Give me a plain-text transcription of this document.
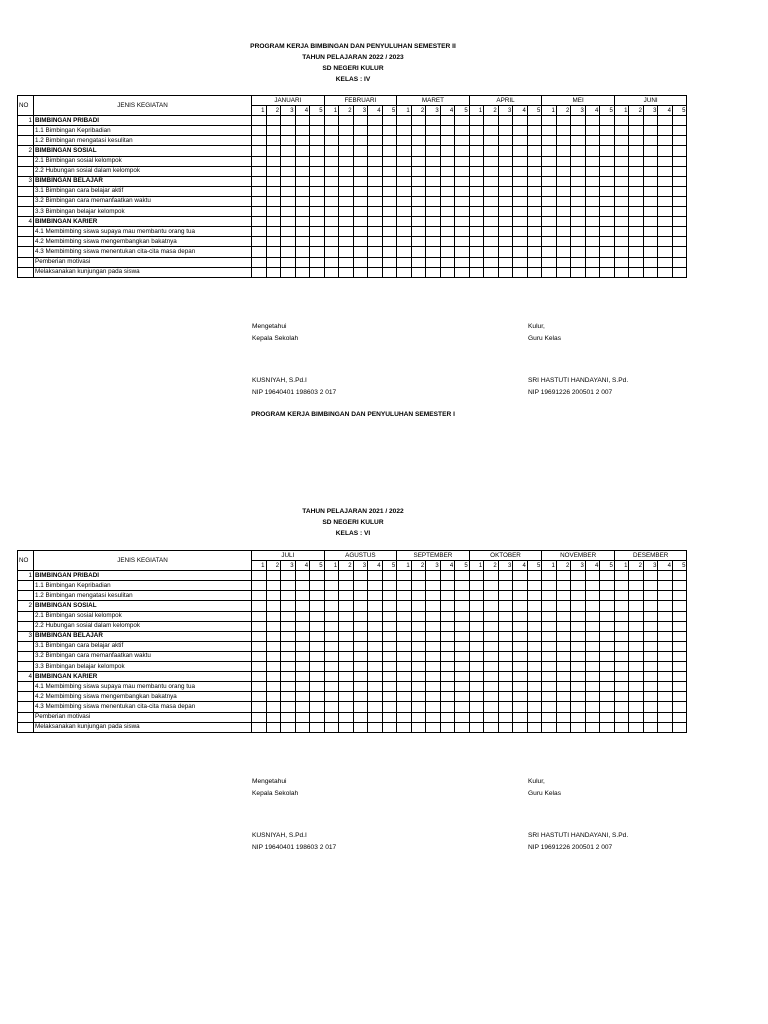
PROGRAM KERJA BIMBINGAN DAN PENYULUHAN SEMESTER II
TAHUN PELAJARAN 2022 / 2023
SD NEGERI KULUR
KELAS : IV
NO	JENIS KEGIATAN	JANUARI					FEBRUARI					MARET					APRIL					MEI					JUNI				
		1	2	3	4	5	1	2	3	4	5	1	2	3	4	5	1	2	3	4	5	1	2	3	4	5	1	2	3	4	5
1	BIMBINGAN PRIBADI																														
	1.1 Bimbingan Kepribadian																														
	1.2 Bimbingan mengatasi kesulitan																														
2	BIMBINGAN SOSIAL																														
	2.1 Bimbingan sosial kelompok																														
	2.2 Hubungan sosial dalam kelompok																														
3	BIMBINGAN BELAJAR																														
	3.1 Bimbingan cara belajar aktif																														
	3.2 Bimbingan cara memanfaatkan waktu																														
	3.3 Bimbingan belajar kelompok																														
4	BIMBINGAN KARIER																														
	4.1 Membimbing siswa supaya mau membantu orang tua																														
	4.2 Membimbing siswa mengembangkan bakatnya																														
	4.3 Membimbing siswa menentukan cita-cita masa depan																														
	Pemberian motivasi																														
	Melaksanakan kunjungan pada siswa																														
Mengetahui
Kepala Sekolah
KUSNIYAH, S.Pd.I
NIP 19640401 198603 2 017
Kulur,
Guru Kelas
SRI HASTUTI HANDAYANI, S.Pd.
NIP 19691226 200501 2 007
PROGRAM KERJA BIMBINGAN DAN PENYULUHAN SEMESTER I
TAHUN PELAJARAN 2021 / 2022
SD NEGERI KULUR
KELAS : VI
NO	JENIS KEGIATAN	JULI					AGUSTUS					SEPTEMBER					OKTOBER					NOVEMBER					DESEMBER				
		1	2	3	4	5	1	2	3	4	5	1	2	3	4	5	1	2	3	4	5	1	2	3	4	5	1	2	3	4	5
1	BIMBINGAN PRIBADI																														
	1.1 Bimbingan Kepribadian																														
	1.2 Bimbingan mengatasi kesulitan																														
2	BIMBINGAN SOSIAL																														
	2.1 Bimbingan sosial kelompok																														
	2.2 Hubungan sosial dalam kelompok																														
3	BIMBINGAN BELAJAR																														
	3.1 Bimbingan cara belajar aktif																														
	3.2 Bimbingan cara memanfaatkan waktu																														
	3.3 Bimbingan belajar kelompok																														
4	BIMBINGAN KARIER																														
	4.1 Membimbing siswa supaya mau membantu orang tua																														
	4.2 Membimbing siswa mengembangkan bakatnya																														
	4.3 Membimbing siswa menentukan cita-cita masa depan																														
	Pemberian motivasi																														
	Melaksanakan kunjungan pada siswa																														
Mengetahui
Kepala Sekolah
KUSNIYAH, S.Pd.I
NIP 19640401 198603 2 017
Kulur,
Guru Kelas
SRI HASTUTI HANDAYANI, S.Pd.
NIP 19691226 200501 2 007
